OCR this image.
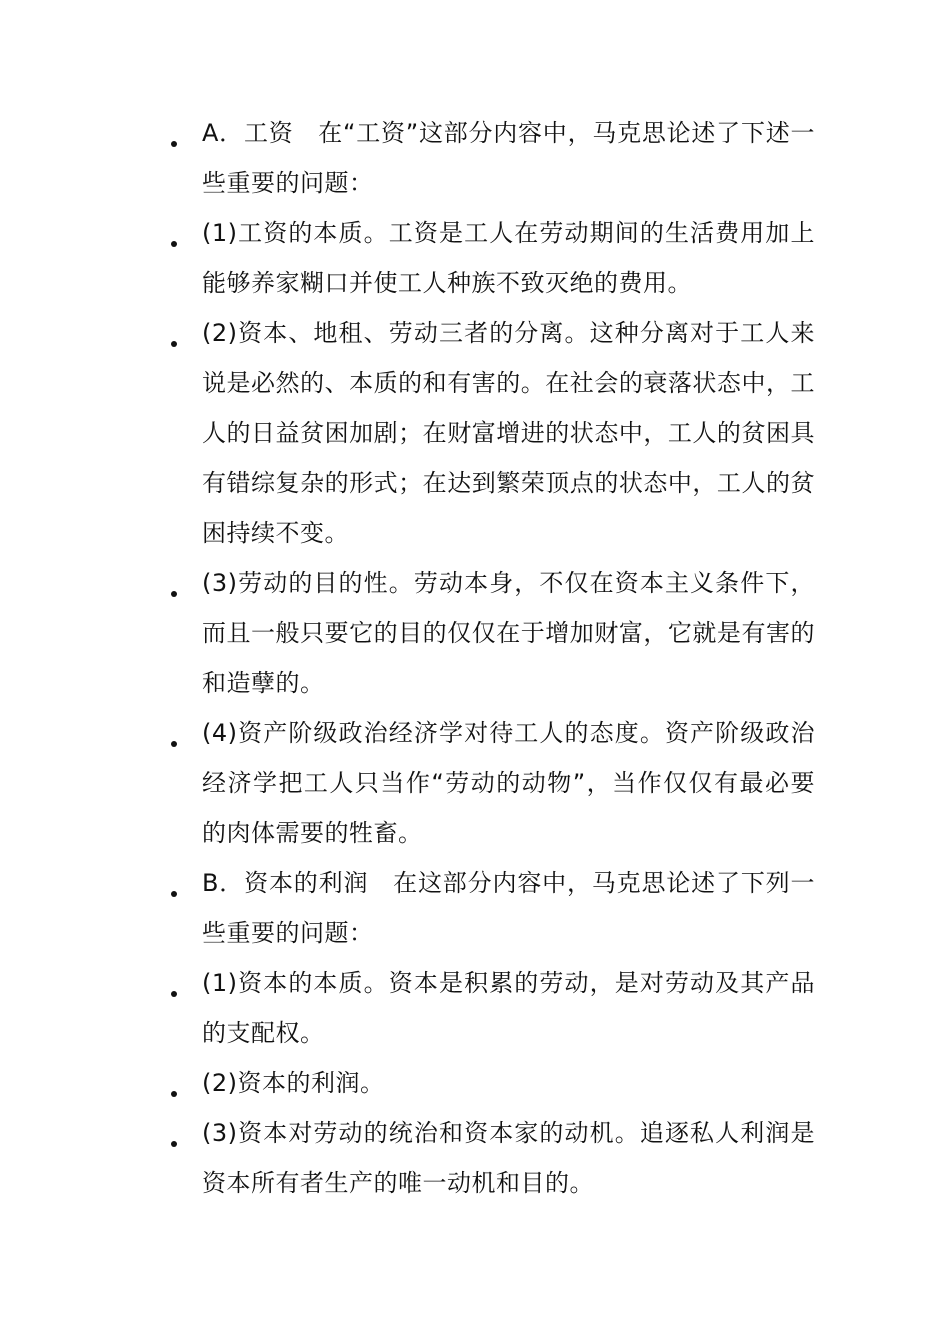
A．工资　在“工资”这部分内容中，马克思论述了下述一些重要的问题：
(1)工资的本质。工资是工人在劳动期间的生活费用加上能够养家糊口并使工人种族不致灭绝的费用。
(2)资本、地租、劳动三者的分离。这种分离对于工人来说是必然的、本质的和有害的。在社会的衰落状态中，工人的日益贫困加剧；在财富增进的状态中，工人的贫困具有错综复杂的形式；在达到繁荣顶点的状态中，工人的贫困持续不变。
(3)劳动的目的性。劳动本身，不仅在资本主义条件下，而且一般只要它的目的仅仅在于增加财富，它就是有害的和造孽的。
(4)资产阶级政治经济学对待工人的态度。资产阶级政治经济学把工人只当作“劳动的动物”，当作仅仅有最必要的肉体需要的牲畜。
B．资本的利润　在这部分内容中，马克思论述了下列一些重要的问题：
(1)资本的本质。资本是积累的劳动，是对劳动及其产品的支配权。
(2)资本的利润。
(3)资本对劳动的统治和资本家的动机。追逐私人利润是资本所有者生产的唯一动机和目的。
